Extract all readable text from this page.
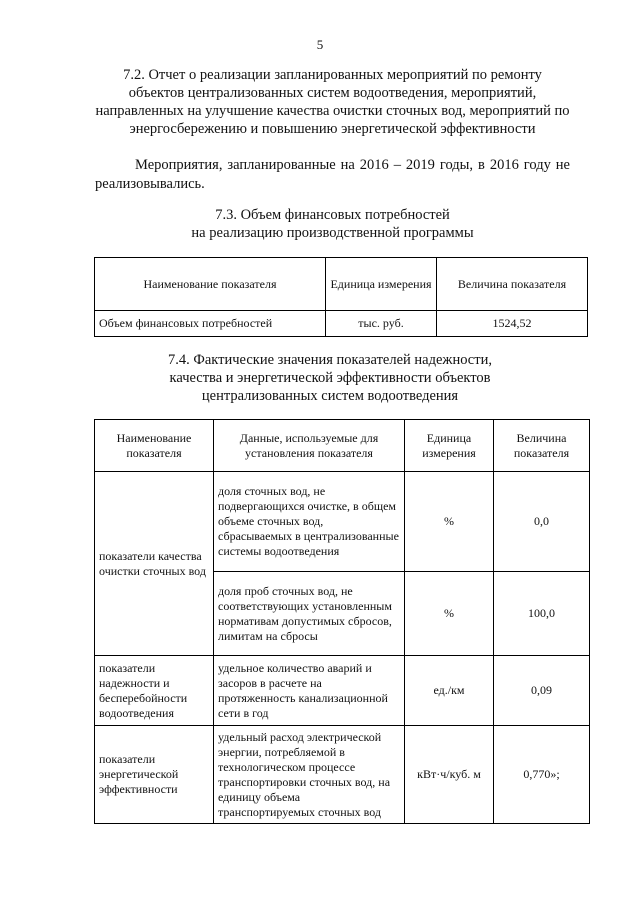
5
7.2. Отчет о реализации запланированных мероприятий по ремонту объектов централизованных систем водоотведения, мероприятий, направленных на улучшение качества очистки сточных вод, мероприятий по энергосбережению и повышению энергетической эффективности
Мероприятия, запланированные на 2016 – 2019 годы, в 2016 году не реализовывались.
7.3. Объем финансовых потребностей
на реализацию производственной программы
Наименование показателя	Единица измерения	Величина показателя
Объем финансовых потребностей	тыс. руб.	1524,52
7.4. Фактические значения показателей надежности, качества и энергетической эффективности объектов централизованных систем водоотведения
Наименование показателя	Данные, используемые для установления показателя	Единица измерения	Величина показателя
показатели качества очистки сточных вод	доля сточных вод, не подвергающихся очистке, в общем объеме сточных вод, сбрасываемых в централизованные системы водоотведения	%	0,0
	доля проб сточных вод, не соответствующих установленным нормативам допустимых сбросов, лимитам на сбросы	%	100,0
показатели надежности и бесперебойности водоотведения	удельное количество аварий и засоров в расчете на протяженность канализационной сети в год	ед./км	0,09
показатели энергетической эффективности	удельный расход электрической энергии, потребляемой в технологическом процессе транспортировки сточных вод, на единицу объема транспортируемых сточных вод	кВт·ч/куб. м	0,770»;
